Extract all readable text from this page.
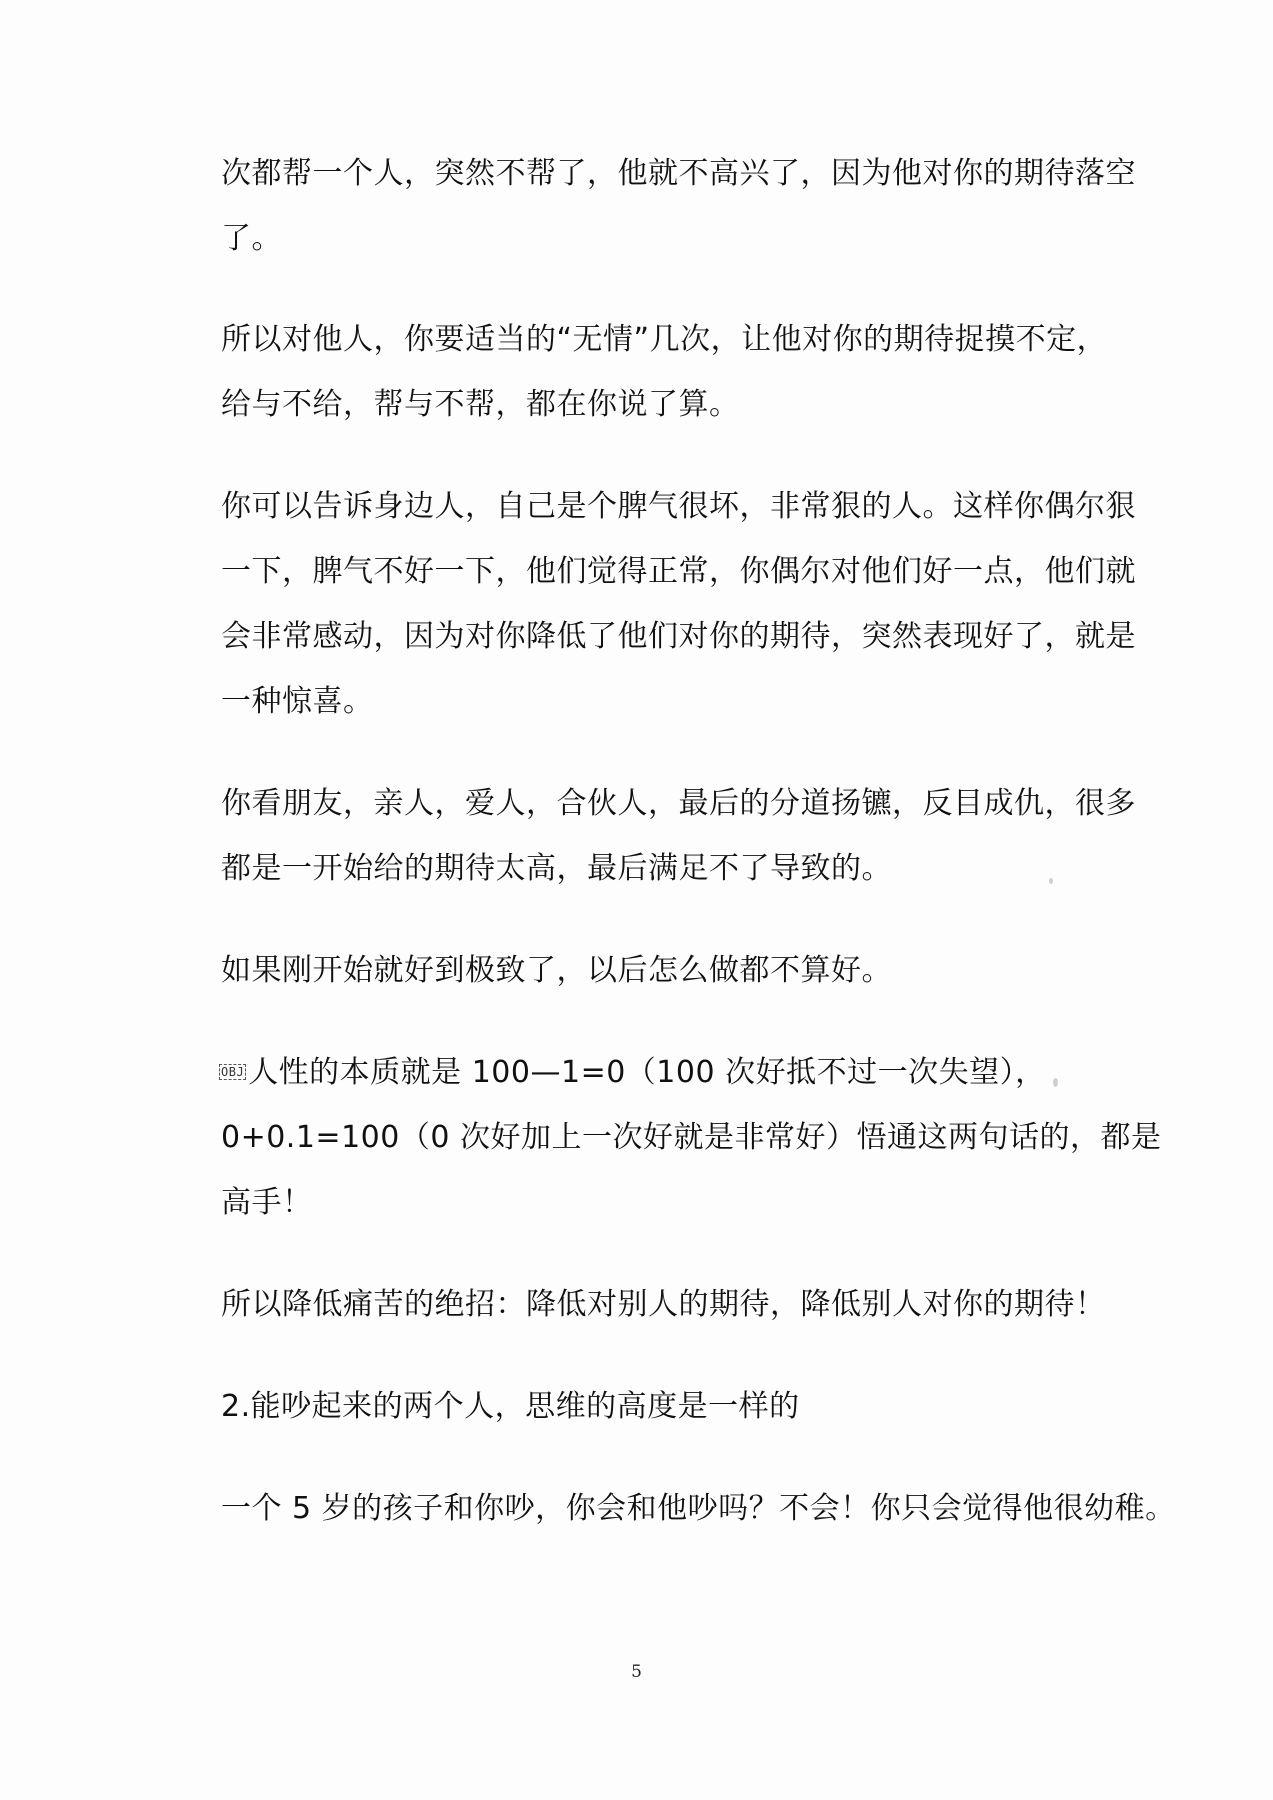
次都帮一个人，突然不帮了，他就不高兴了，因为他对你的期待落空
了。
所以对他人，你要适当的“无情”几次，让他对你的期待捉摸不定，
给与不给，帮与不帮，都在你说了算。
你可以告诉身边人，自己是个脾气很坏，非常狠的人。这样你偶尔狠
一下，脾气不好一下，他们觉得正常，你偶尔对他们好一点，他们就
会非常感动，因为对你降低了他们对你的期待，突然表现好了，就是
一种惊喜。
你看朋友，亲人，爱人，合伙人，最后的分道扬镳，反目成仇，很多
都是一开始给的期待太高，最后满足不了导致的。
如果刚开始就好到极致了，以后怎么做都不算好。
OBJ 人性的本质就是 100—1=0（100 次好抵不过一次失望），
0+0.1=100（0 次好加上一次好就是非常好）悟通这两句话的，都是
高手！
所以降低痛苦的绝招：降低对别人的期待，降低别人对你的期待！
2.能吵起来的两个人，思维的高度是一样的
一个 5 岁的孩子和你吵，你会和他吵吗？不会！你只会觉得他很幼稚。
5
